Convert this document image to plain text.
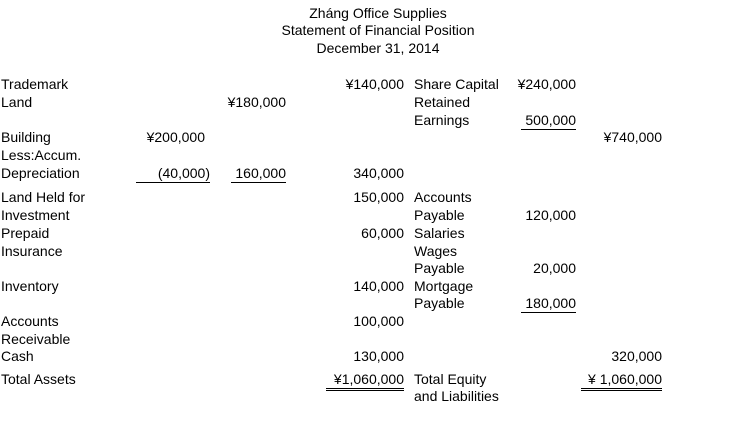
Zháng Office Supplies
Statement of Financial Position
December 31, 2014
Trademark
Land
Building
Less:Accum.
Depreciation
Land Held for
Investment
Prepaid
Insurance
Inventory
Accounts
Receivable
Cash
Total Assets
¥200,000
(40,000)
¥180,000
160,000
¥140,000
340,000
150,000
60,000
140,000
100,000
130,000
¥1,060,000
Share Capital
Retained
Earnings
Accounts
Payable
Salaries
Wages
Payable
Mortgage
Payable
Total Equity
and Liabilities
¥240,000
500,000
120,000
20,000
180,000
¥740,000
320,000
¥ 1,060,000
